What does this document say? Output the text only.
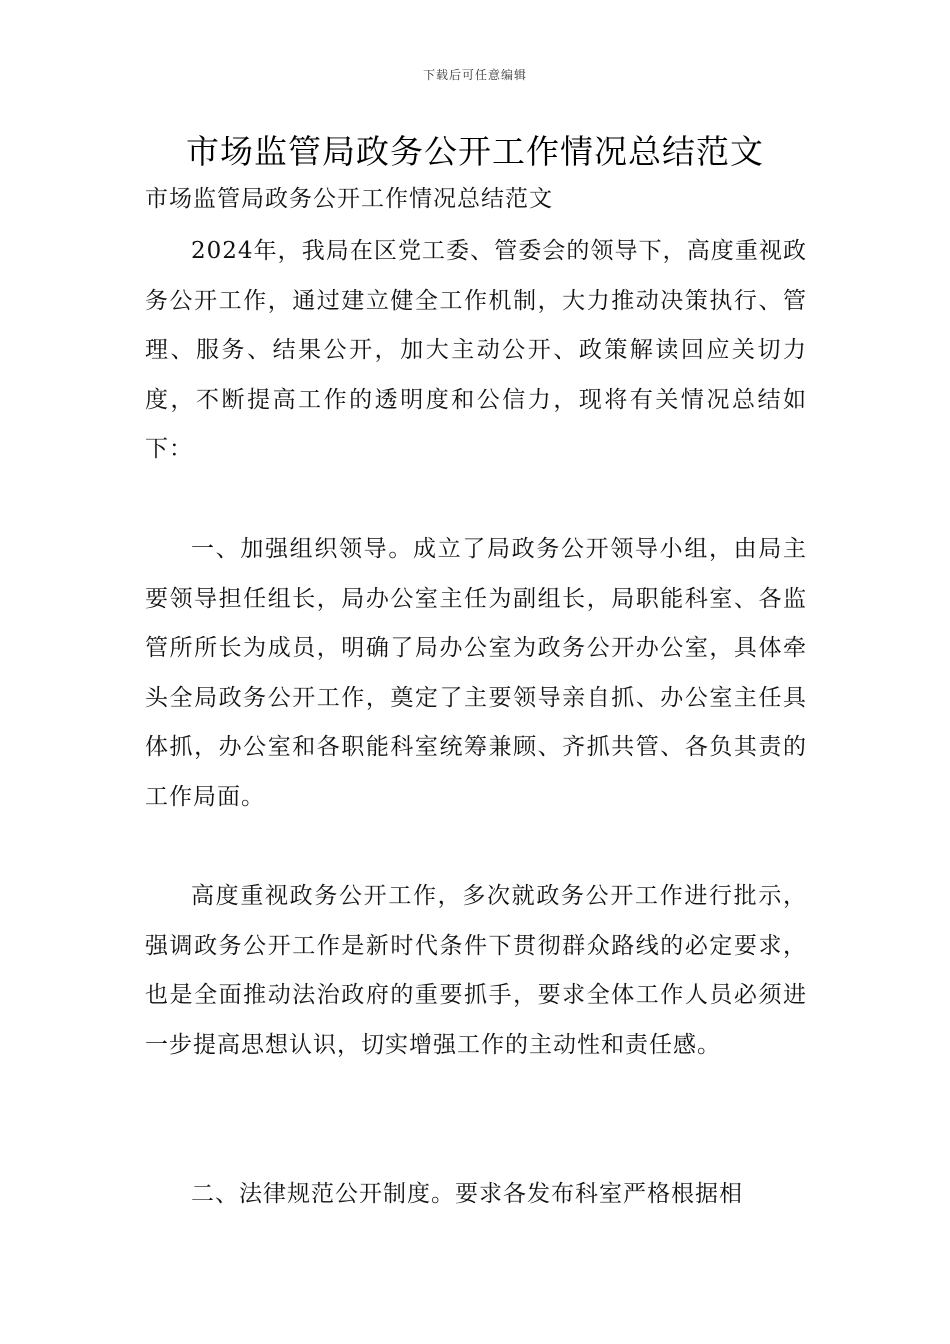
下载后可任意编辑
市场监管局政务公开工作情况总结范文

市场监管局政务公开工作情况总结范文

2024年，我局在区党工委、管委会的领导下，高度重视政务公开工作，通过建立健全工作机制，大力推动决策执行、管理、服务、结果公开，加大主动公开、政策解读回应关切力度，不断提高工作的透明度和公信力，现将有关情况总结如下：

一、加强组织领导。成立了局政务公开领导小组，由局主要领导担任组长，局办公室主任为副组长，局职能科室、各监管所所长为成员，明确了局办公室为政务公开办公室，具体牵头全局政务公开工作，奠定了主要领导亲自抓、办公室主任具体抓，办公室和各职能科室统筹兼顾、齐抓共管、各负其责的工作局面。

高度重视政务公开工作，多次就政务公开工作进行批示，强调政务公开工作是新时代条件下贯彻群众路线的必定要求，也是全面推动法治政府的重要抓手，要求全体工作人员必须进一步提高思想认识，切实增强工作的主动性和责任感。

二、法律规范公开制度。要求各发布科室严格根据相
